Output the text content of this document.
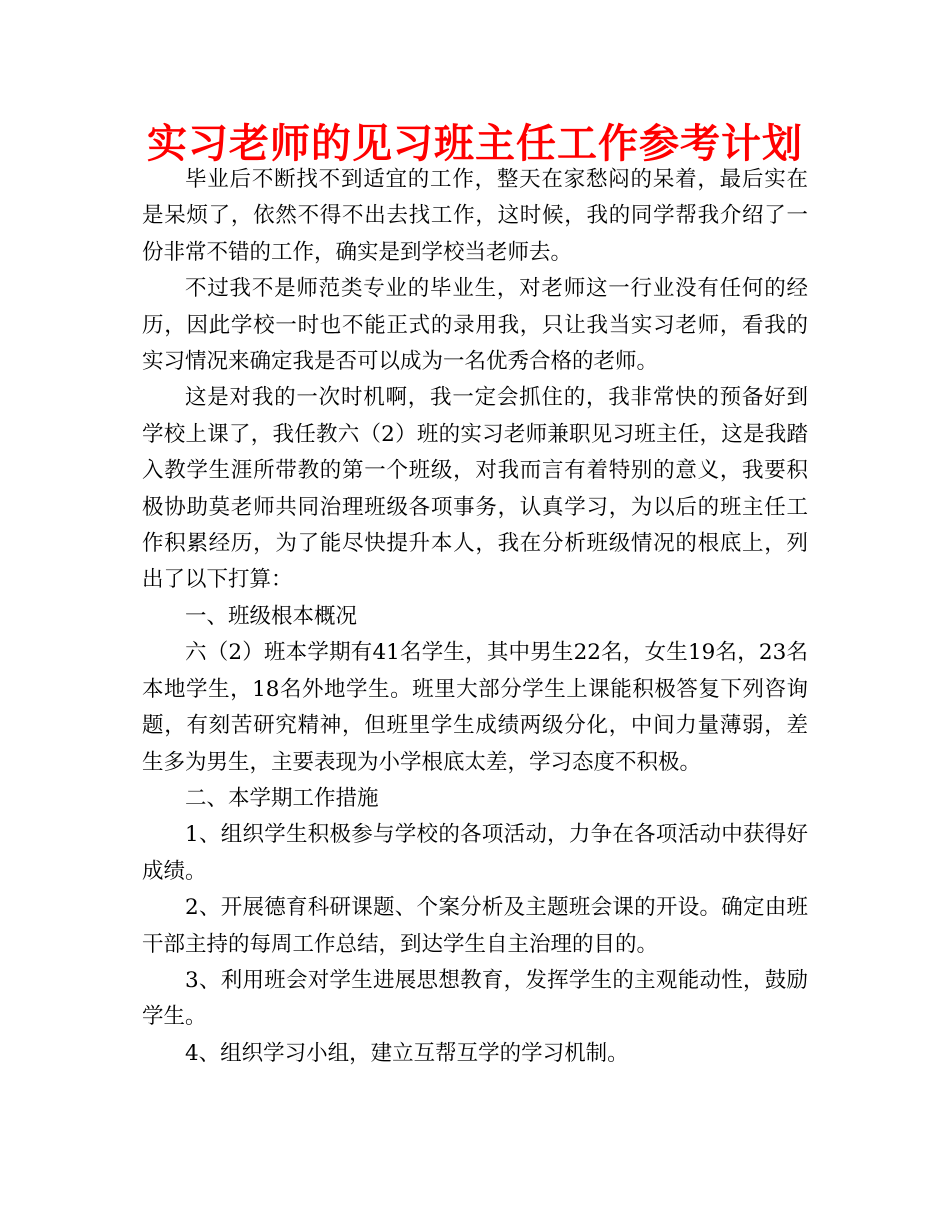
实习老师的见习班主任工作参考计划

毕业后不断找不到适宜的工作，整天在家愁闷的呆着，最后实在是呆烦了，依然不得不出去找工作，这时候，我的同学帮我介绍了一份非常不错的工作，确实是到学校当老师去。

不过我不是师范类专业的毕业生，对老师这一行业没有任何的经历，因此学校一时也不能正式的录用我，只让我当实习老师，看我的实习情况来确定我是否可以成为一名优秀合格的老师。

这是对我的一次时机啊，我一定会抓住的，我非常快的预备好到学校上课了，我任教六（2）班的实习老师兼职见习班主任，这是我踏入教学生涯所带教的第一个班级，对我而言有着特别的意义，我要积极协助莫老师共同治理班级各项事务，认真学习，为以后的班主任工作积累经历，为了能尽快提升本人，我在分析班级情况的根底上，列出了以下打算：

一、班级根本概况

六（2）班本学期有41名学生，其中男生22名，女生19名，23名本地学生，18名外地学生。班里大部分学生上课能积极答复下列咨询题，有刻苦研究精神，但班里学生成绩两级分化，中间力量薄弱，差生多为男生，主要表现为小学根底太差，学习态度不积极。

二、本学期工作措施

1、组织学生积极参与学校的各项活动，力争在各项活动中获得好成绩。

2、开展德育科研课题、个案分析及主题班会课的开设。确定由班干部主持的每周工作总结，到达学生自主治理的目的。

3、利用班会对学生进展思想教育，发挥学生的主观能动性，鼓励学生。

4、组织学习小组，建立互帮互学的学习机制。
